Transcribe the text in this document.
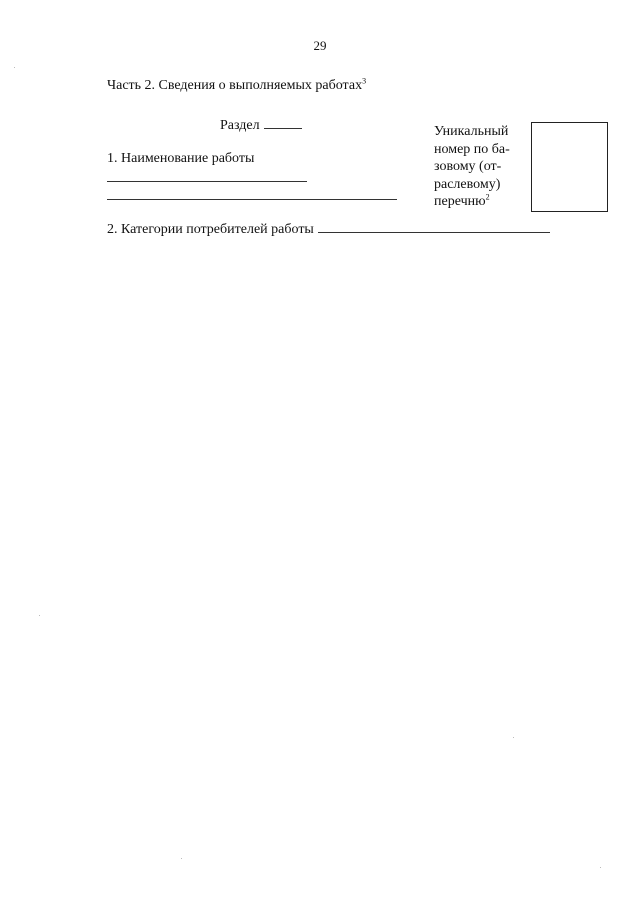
29
Часть 2. Сведения о выполняемых работах$^3$
Раздел
1. Наименование работы
2. Категории потребителей работы
Уникальный
номер по ба-
зовому (от-
раслевому)
перечню$^2$
